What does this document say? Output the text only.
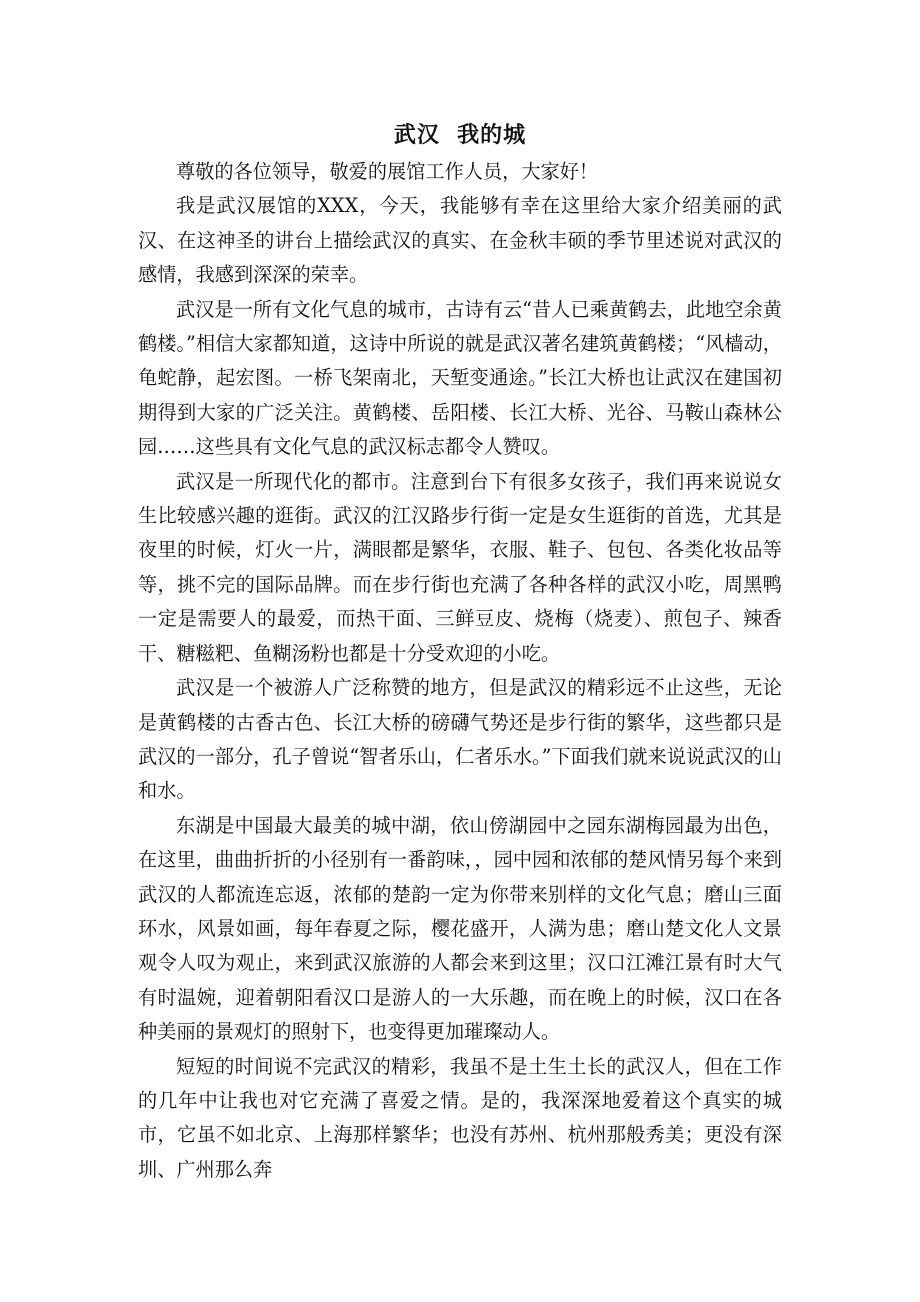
武汉  我的城

尊敬的各位领导，敬爱的展馆工作人员，大家好！

我是武汉展馆的XXX，今天，我能够有幸在这里给大家介绍美丽的武汉、在这神圣的讲台上描绘武汉的真实、在金秋丰硕的季节里述说对武汉的感情，我感到深深的荣幸。

武汉是一所有文化气息的城市，古诗有云“昔人已乘黄鹤去，此地空余黄鹤楼。”相信大家都知道，这诗中所说的就是武汉著名建筑黄鹤楼；“风樯动，龟蛇静，起宏图。一桥飞架南北，天堑变通途。”长江大桥也让武汉在建国初期得到大家的广泛关注。黄鹤楼、岳阳楼、长江大桥、光谷、马鞍山森林公园……这些具有文化气息的武汉标志都令人赞叹。

武汉是一所现代化的都市。注意到台下有很多女孩子，我们再来说说女生比较感兴趣的逛街。武汉的江汉路步行街一定是女生逛街的首选，尤其是夜里的时候，灯火一片，满眼都是繁华，衣服、鞋子、包包、各类化妆品等等，挑不完的国际品牌。而在步行街也充满了各种各样的武汉小吃，周黑鸭一定是需要人的最爱，而热干面、三鲜豆皮、烧梅（烧麦）、煎包子、辣香干、糖糍粑、鱼糊汤粉也都是十分受欢迎的小吃。

武汉是一个被游人广泛称赞的地方，但是武汉的精彩远不止这些，无论是黄鹤楼的古香古色、长江大桥的磅礴气势还是步行街的繁华，这些都只是武汉的一部分，孔子曾说“智者乐山，仁者乐水。”下面我们就来说说武汉的山和水。

东湖是中国最大最美的城中湖，依山傍湖园中之园东湖梅园最为出色，在这里，曲曲折折的小径别有一番韵味，，园中园和浓郁的楚风情另每个来到武汉的人都流连忘返，浓郁的楚韵一定为你带来别样的文化气息；磨山三面环水，风景如画，每年春夏之际，樱花盛开，人满为患；磨山楚文化人文景观令人叹为观止，来到武汉旅游的人都会来到这里；汉口江滩江景有时大气有时温婉，迎着朝阳看汉口是游人的一大乐趣，而在晚上的时候，汉口在各种美丽的景观灯的照射下，也变得更加璀璨动人。

短短的时间说不完武汉的精彩，我虽不是土生土长的武汉人，但在工作的几年中让我也对它充满了喜爱之情。是的，我深深地爱着这个真实的城市，它虽不如北京、上海那样繁华；也没有苏州、杭州那般秀美；更没有深圳、广州那么奔
